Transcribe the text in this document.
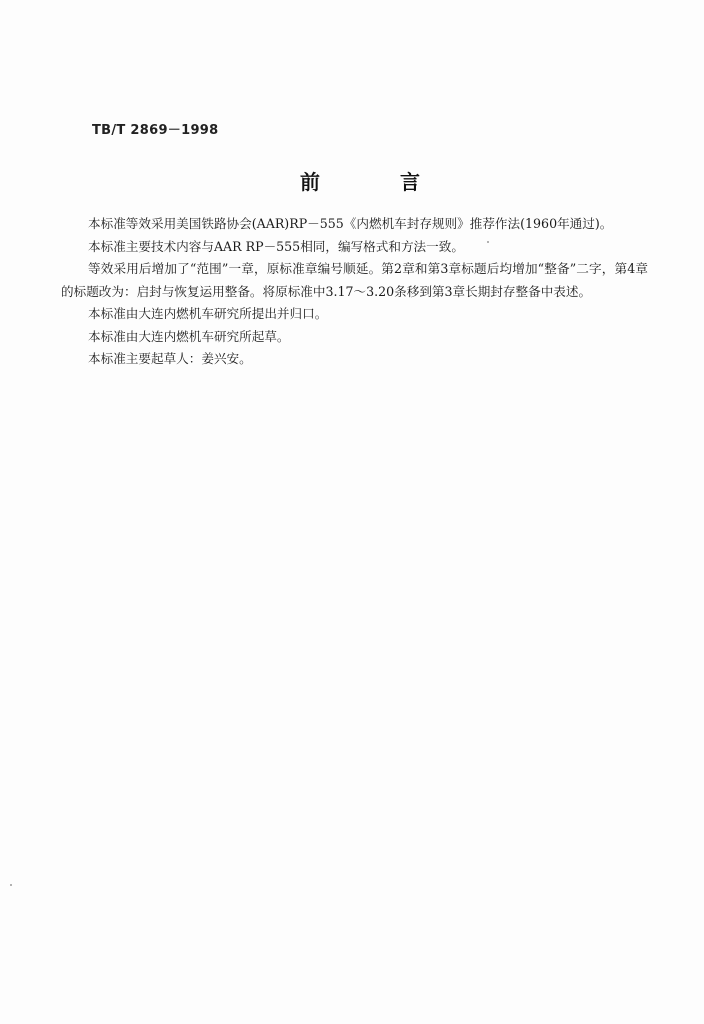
TB/T 2869－1998
前	言

本标准等效采用美国铁路协会(AAR)RP－555《内燃机车封存规则》推荐作法(1960年通过)。

本标准主要技术内容与AAR RP－555相同，编写格式和方法一致。

等效采用后增加了“范围”一章，原标准章编号顺延。第2章和第3章标题后均增加“整备”二字，第4章的标题改为：启封与恢复运用整备。将原标准中3.17～3.20条移到第3章长期封存整备中表述。

本标准由大连内燃机车研究所提出并归口。

本标准由大连内燃机车研究所起草。

本标准主要起草人：姜兴安。
